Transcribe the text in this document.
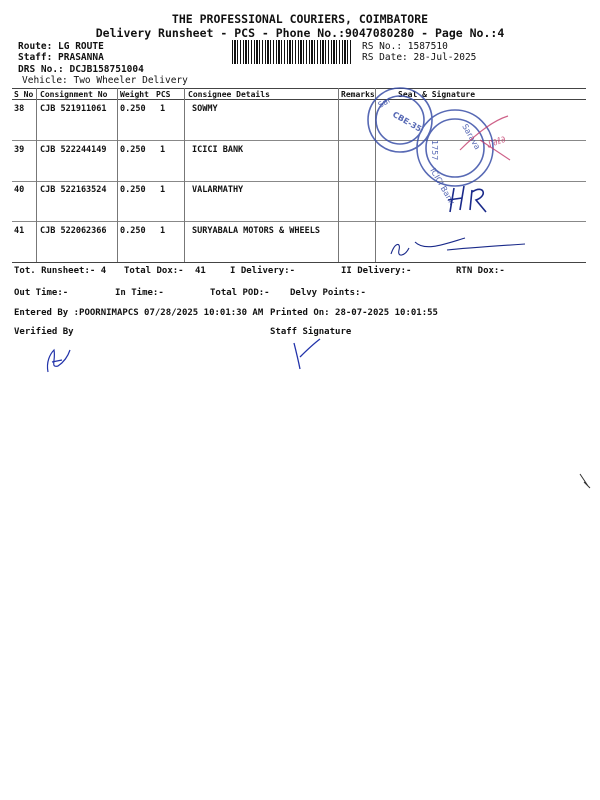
THE PROFESSIONAL COURIERS, COIMBATORE
Delivery Runsheet - PCS - Phone No.:9047080280 - Page No.:4
Route: LG ROUTE
Staff: PRASANNA
DRS No.: DCJB158751004
Vehicle: Two Wheeler Delivery
RS No.: 1587510
RS Date: 28-Jul-2025
S No Consignment No Weight PCS Consignee Details	Remarks	Seal & Signature
38 CJB 521911061 0.250 1	SOWMY
39 CJB 522244149 0.250 1	ICICI BANK
40 CJB 522163524 0.250 1	VALARMATHY
41 CJB 522062366 0.250 1	SURYABALA MOTORS & WHEELS
Sar
CBE-35
1757
ICICI Bank
Sarava ᔑ∂ℓ∂
Tot. Runsheet:- 4 Total Dox:- 41	I Delivery:-	II Delivery:-	RTN Dox:-
Out Time:-	In Time:-	Total POD:- Delvy Points:-
Entered By :POORNIMAPCS 07/28/2025 10:01:30 AM Printed On: 28-07-2025 10:01:55
Verified By	Staff Signature
